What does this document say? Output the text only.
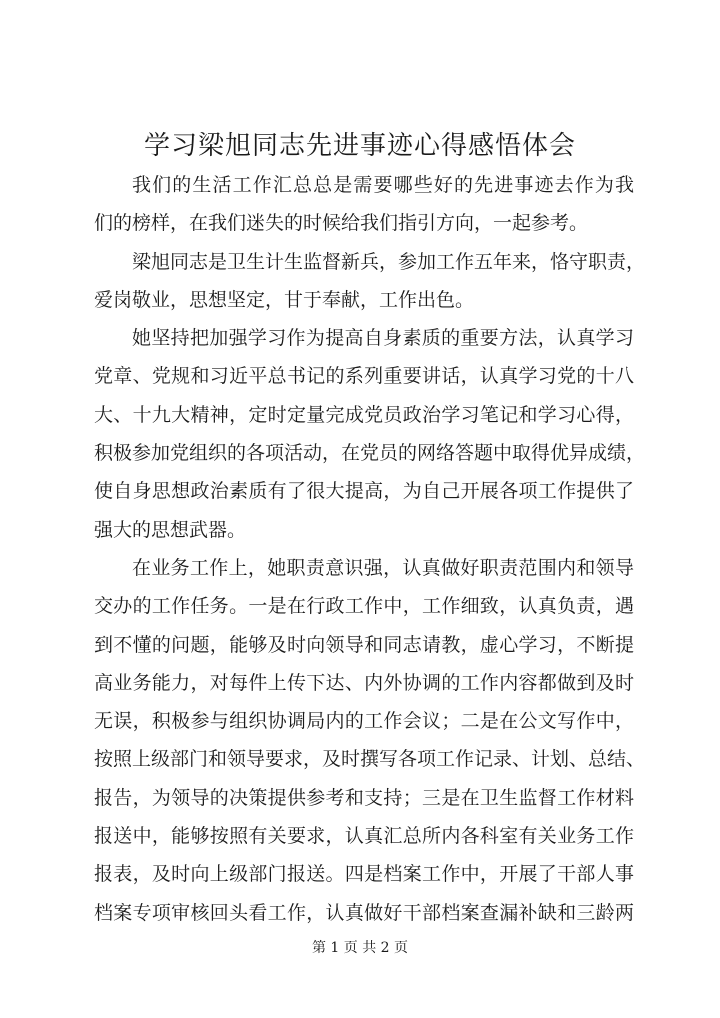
学习梁旭同志先进事迹心得感悟体会
我们的生活工作汇总总是需要哪些好的先进事迹去作为我
们的榜样，在我们迷失的时候给我们指引方向，一起参考。
梁旭同志是卫生计生监督新兵，参加工作五年来，恪守职责，
爱岗敬业，思想坚定，甘于奉献，工作出色。
她坚持把加强学习作为提高自身素质的重要方法，认真学习
党章、党规和习近平总书记的系列重要讲话，认真学习党的十八
大、十九大精神，定时定量完成党员政治学习笔记和学习心得，
积极参加党组织的各项活动，在党员的网络答题中取得优异成绩，
使自身思想政治素质有了很大提高，为自己开展各项工作提供了
强大的思想武器。
在业务工作上，她职责意识强，认真做好职责范围内和领导
交办的工作任务。一是在行政工作中，工作细致，认真负责，遇
到不懂的问题，能够及时向领导和同志请教，虚心学习，不断提
高业务能力，对每件上传下达、内外协调的工作内容都做到及时
无误，积极参与组织协调局内的工作会议；二是在公文写作中，
按照上级部门和领导要求，及时撰写各项工作记录、计划、总结、
报告，为领导的决策提供参考和支持；三是在卫生监督工作材料
报送中，能够按照有关要求，认真汇总所内各科室有关业务工作
报表，及时向上级部门报送。四是档案工作中，开展了干部人事
档案专项审核回头看工作，认真做好干部档案查漏补缺和三龄两
第 1 页 共 2 页
